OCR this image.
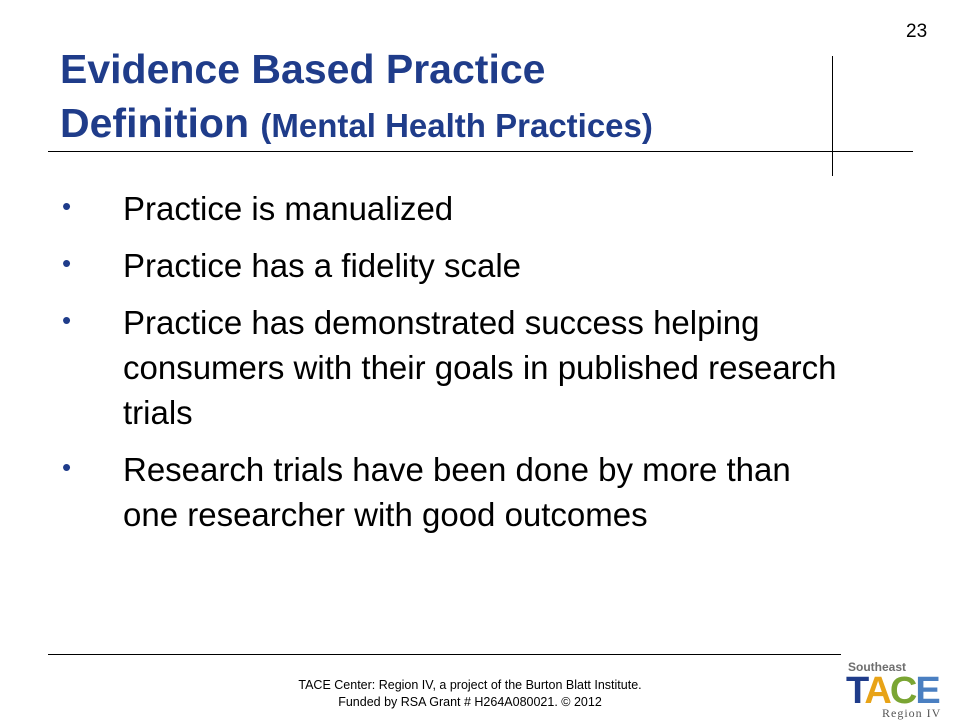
23
Evidence Based Practice
Definition (Mental Health Practices)
• Practice is manualized
• Practice has a fidelity scale
• Practice has demonstrated success helping consumers with their goals in published research trials
• Research trials have been done by more than one researcher with good outcomes
TACE Center: Region IV, a project of the Burton Blatt Institute.
Funded by RSA Grant # H264A080021. © 2012
Southeast
TACE
Region IV
